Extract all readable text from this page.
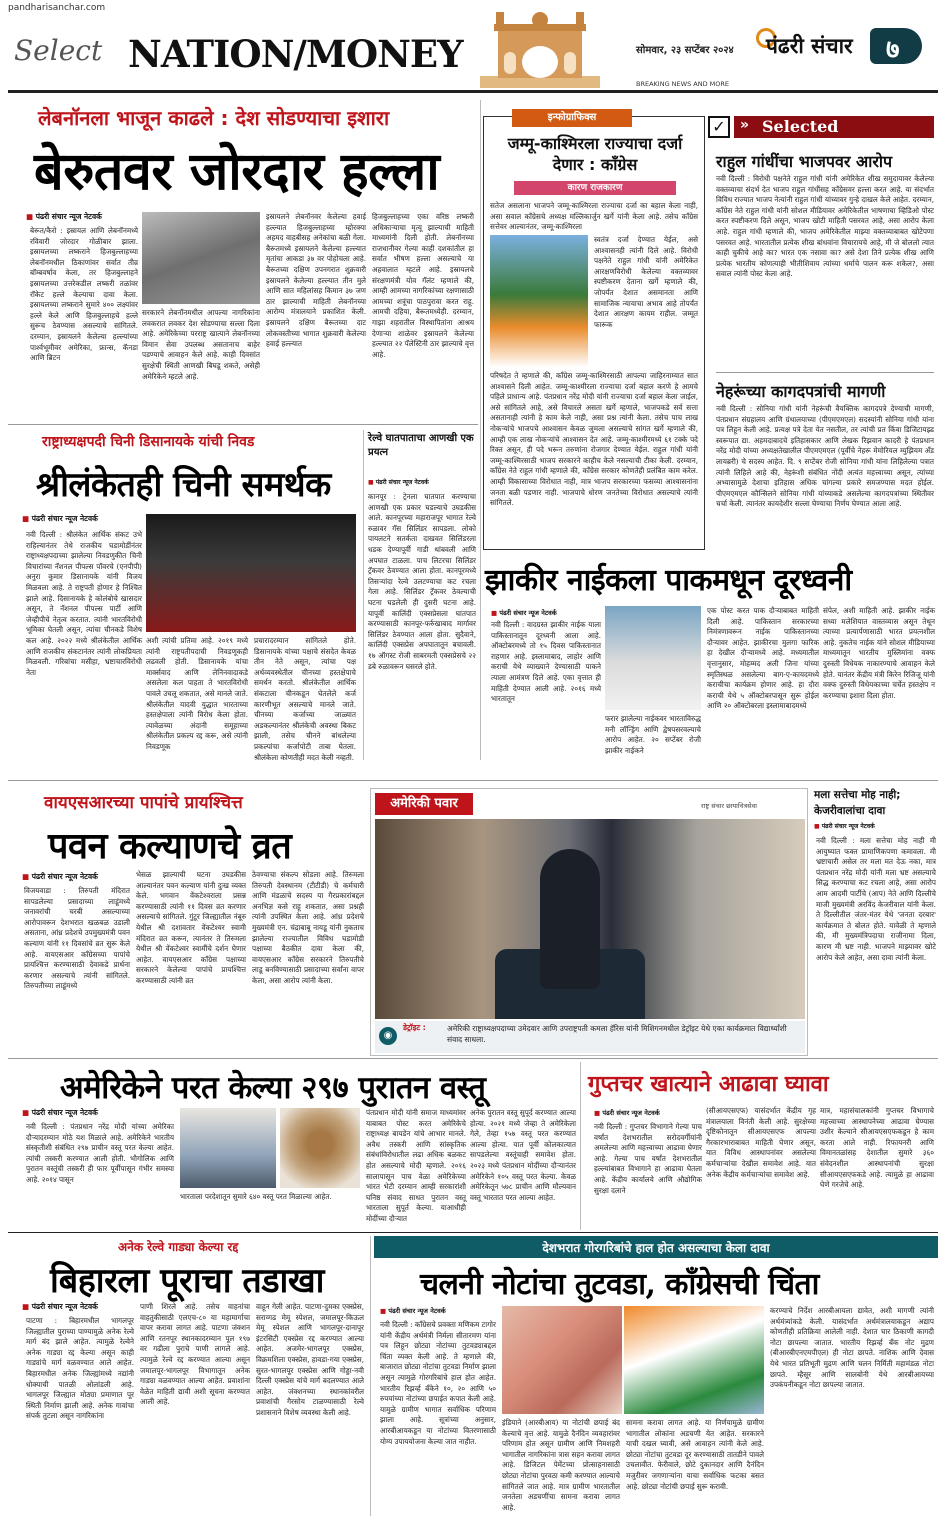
pandharisanchar.com
Select NATION/MONEY	सोमवार, २३ सप्टेंबर २०२४
BREAKING NEWS AND MORE
पंढरी संचार ७
लेबनॉनला भाजून काढले : देश सोडण्याचा इशारा
बेरुतवर जोरदार हल्ला
■ पंढरी संचार न्यूज नेटवर्क
बेरूत/कैरो : इस्रायल आणि लेबनॉनमध्ये रविवारी जोरदार गोळीबार झाला. इस्रायलच्या लष्कराने हिजबुल्लाहच्या लेबनॉनमधील ठिकाणांवर सर्वात तीव्र बॉम्बवर्षाव केला, तर हिजबुल्लाहने इस्रायलच्या उत्तरेकडील लष्करी तळांवर रॉकेट हल्ले केल्याचा दावा केला. इस्रायलच्या लष्कराने सुमारे ४०० लक्ष्यांवर हल्ले केले आणि हिजबुल्लाहचे हल्ले सुरूच ठेवण्यास असल्याचे सांगितले. दरम्यान, इस्रायलने केलेल्या हल्ल्यांच्या पार्श्वभूमीवर अमेरिका, फ्रान्स, कॅनडा आणि ब्रिटन
सरकारने लेबनॉनमधील आपल्या नागरिकांना लवकरात लवकर देश सोडण्याचा सल्ला दिला आहे. अमेरिकेच्या परराष्ट्र खात्याने लेबनॉनच्या विमान सेवा उपलब्ध असतानाच बाहेर पडण्याचे आवाहन केले आहे. काही दिवसांत सुरक्षेची स्थिती आणखी बिघडू शकते, असेही अमेरिकेने म्हटले आहे.
इस्रायलने लेबनॉनवर केलेल्या हवाई हल्ल्यात हिजबुल्लाहच्या म्होरक्या अहमद वाहबीसह अनेकांचा बळी गेला. बैरूतमध्ये इस्रायलने केलेल्या हल्ल्यात मृतांचा आकडा ३७ वर पोहोचला आहे. बैरूतच्या दक्षिण उपनगरात शुक्रवारी इस्रायलने केलेल्या हल्ल्यात तीन मुले आणि सात महिलांसह किमान ३७ जण ठार झाल्याची माहिती लेबनॉनच्या आरोग्य मंत्रालयाने प्रकाशित केली. इस्रायलने दक्षिण बैरूतच्या दाट लोकवस्तीच्या भागात शुक्रवारी केलेल्या हवाई हल्ल्यात
हिजबुल्लाहच्या एका वरिष्ठ लष्करी अधिकाऱ्याचा मृत्यू झाल्याची माहिती माध्यमांनी दिली होती. लेबनॉनच्या राजधानीवर गेल्या काही दशकांतील हा सर्वात भीषण हल्ला असल्याचे या अहवालात म्हटले आहे. इस्रायलचे संरक्षणमंत्री योव गॅलंट म्हणाले की, आम्ही आमच्या नागरिकांच्या रक्षणासाठी आमच्या शत्रूंचा पाठपुरावा करत राहू. आमची दहिया, बैरूतमध्येही. दरम्यान, गाझा शहरातील विस्थापितांना आश्रय देणाऱ्या शाळेवर इस्रायलने केलेल्या हल्ल्यात २२ पॅलेस्टिनी ठार झाल्याचे वृत्त आहे.
इन्फोग्राफिक्स
जम्मू-काश्मिरला राज्याचा दर्जा देणार : काँग्रेस
कारण राजकारण
सतेज असलाना भाजपने जम्मू-काश्मिरला राज्याचा दर्जा का बहाल केला नाही, असा सवाल काँग्रेसचे अध्यक्ष मल्लिकार्जुन खर्गे यांनी केला आहे. तसेच काँग्रेस सत्तेवर आल्यानंतर, जम्मू-काश्मिरला
स्वतंत्र दर्जा देण्यात येईल, असे आश्वासनही त्यांनी दिले आहे. विरोधी पक्षनेते राहुल गांधी यांनी अमेरिकेत आरक्षणविरोधी केलेल्या वक्तव्यावर स्पष्टीकरण देताना खर्गे म्हणाले की, जोपर्यंत देशात असमानता आणि सामाजिक न्यायाचा अभाव आहे तोपर्यंत देशात आरक्षण कायम राहील. जम्मूत फारूक
परिषदेत ते म्हणाले की, काँग्रेस जम्मू-काश्मिरसाठी आपल्या जाहिरनाम्यात सात आश्वासने दिली आहेत. जम्मू-काश्मीरला राज्याचा दर्जा बहाल करणे हे आमचे पहिले प्राधान्य आहे. पंतप्रधान नरेंद्र मोदी यांनी राज्याचा दर्जा बहाल केला जाईल, असे सांगितले आहे, असे विचारले असता खर्गे म्हणाले, भाजपकडे सर्व सत्ता असतानाही त्यांनी हे काम केले नाही, असा प्रश्न त्यांनी केला. तसेच पाच लाख नोकऱ्यांचे भाजपचे आश्वासन केवळ जुमला असल्याचे सांगत खर्गे म्हणाले की, आम्ही एक लाख नोकऱ्यांचे आश्वासन देत आहे. जम्मू-काश्मीरमध्ये ६१ टक्के पदे रिक्त असून, ही पदे भरून तरुणांना रोजगार देण्यात येईल. राहुल गांधी यांनी जम्मू-काश्मिरसाठी भाजप सरकारने काहीच केले नसल्याची टीका केली. दरम्यान, काँग्रेस नेते राहुल गांधी म्हणाले की, काँग्रेस सरकार कोणतेही प्रलंबित काम करेल. आम्ही विकासाच्या विरोधात नाही, मात्र भाजप सरकारच्या फसव्या आश्वासनांना जनता बळी पडणार नाही. भाजपाचे धोरण जनतेच्या विरोधात असल्याचे त्यांनी सांगितले.
✓	» Selected
राहुल गांधींचा भाजपवर आरोप
नवी दिल्ली : विरोधी पक्षनेते राहुल गांधी यांनी अमेरिकेत शीख समुदायावर केलेल्या वक्तव्याचा संदर्भ देत भाजप राहुल गांधींसह काँग्रेसवर हल्ला करत आहे. या संदर्भात विविध राज्यात भाजप नेत्यांनी राहुल गांधी यांच्यावर गुन्हे दाखल केले आहेत. दरम्यान, काँग्रेस नेते राहुल गांधी यांनी सोशल मीडियावर अमेरिकेतील भाषणाचा व्हिडिओ पोस्ट करत स्पष्टीकरण दिले असून, भाजप खोटी माहिती पसरवत आहे, असा आरोप केला आहे. राहुल गांधी म्हणाले की, भाजप अमेरिकेतील माझ्या वक्तव्याबाबत खोटेपणा पसरवत आहे. भारतातील प्रत्येक शीख बांधवांना विचारायचे आहे, मी जे बोललो त्यात काही चुकीचे आहे का? भारत एक नसावा का? असे देशा तिने प्रत्येक शीख आणि प्रत्येक भारतीय कोणत्याही भीतीशिवाय त्यांच्या धर्माचे पालन करू शकेल?, असा सवाल त्यांनी पोस्ट केला आहे.
नेहरूंच्या कागदपत्रांची मागणी
नवी दिल्ली : सोनिया गांधी यांनी नेहरूंची वैयक्तिक कागदपत्रे देण्याची मागणी, पंतप्रधान संग्रहालय आणि ग्रंथालयाच्या (पीएमएमएल) सदस्यांनी सोनिया गांधी यांना पत्र लिहून केली आहे. प्रत्यक्ष पत्रे देता येत नसतील, तर त्यांची प्रत किंवा डिजिटायझ्ड स्वरूपात द्या. अहमदाबादचे इतिहासकार आणि लेखक रिझवान कादरी हे पंतप्रधान नरेंद्र मोदी यांच्या अध्यक्षतेखालील पीएमएमएल (पूर्वीचे नेहरू मेमोरियल म्युझियम अँड लायब्ररी) चे सदस्य आहेत. दि. ९ सप्टेंबर रोजी सोनिया गांधी यांना लिहिलेल्या पत्रात त्यांनी लिहिले आहे की, नेहरूंशी संबंधित नोंदी अत्यंत महत्त्वाच्या असून, त्यांच्या अभ्यासामुळे देशाचा इतिहास अधिक चांगल्या प्रकारे समजण्यास मदत होईल. पीएमएमएल कौन्सिलने सोनिया गांधी यांच्याकडे असलेल्या कागदपत्रांच्या स्थितीवर चर्चा केली. त्यानंतर कायदेशीर सल्ला घेण्याचा निर्णय घेण्यात आला आहे.
राष्ट्राध्यक्षपदी चिनी डिसानायके यांची निवड
श्रीलंकेतही चिनी समर्थक
■ पंढरी संचार न्यूज नेटवर्क
नवी दिल्ली : श्रीलंकेत आर्थिक संकट उभे राहिल्यानंतर तेथे राजकीय घडामोडींनंतर राष्ट्राध्यक्षपदाच्या झालेल्या निवडणुकीत चिनी विचारांच्या नॅशनल पीपल्स पॉवरचे (एनपीपी) अनुरा कुमार डिसानायके यांनी विजय मिळवला आहे. ते राष्ट्रपती होणार हे निश्चित झाले आहे. दिसानायके हे कोलंबोचे खासदार असून, ते नॅशनल पीपल्स पार्टी आणि जेव्हीपीचे नेतृत्व करतात. त्यांनी भारतविरोधी भूमिका घेतली असून, त्यांचा चीनकडे विशेष कल आहे. २०२२ मध्ये श्रीलंकेतील आर्थिक आणि राजकीय संकटानंतर त्यांनी लोकप्रियता मिळवली. गरिबांचा मसीहा, भ्रष्टाचारविरोधी नेता
अशी त्यांची प्रतिमा आहे. २०१९ मध्ये त्यांनी राष्ट्रपतीपदाची निवडणूकही लढवली होती. डिसानायके यांचा मार्क्सवाद आणि लेनिनवादाकडे असलेला कल पाहता ते भारतविरोधी पावले उचलू शकतात, असे मानले जाते. श्रीलंकेतील यादवी युद्धात भारताच्या हस्तक्षेपाला त्यांनी विरोध केला होता. त्यावेळच्या अंदानी समूहाच्या श्रीलंकेतील प्रकल्प रद्द करू, असे त्यांनी निवडणूक
प्रचारादरम्यान सांगितले होते. डिसानायके यांच्या पक्षाचे संसदेत केवळ तीन नेते असून, त्यांचा पक्ष अर्थव्यवस्थेतील चीनच्या हस्तक्षेपाचे समर्थन करतो. श्रीलंकेतील आर्थिक संकटाला चीनकडून घेतलेले कर्ज कारणीभूत असल्याचे मानले जाते. चीनच्या कर्जाच्या जाळ्यात अडकल्यानंतर श्रीलंकेची अवस्था बिकट झाली, तसेच चीनने बांधलेल्या प्रकल्पांचा कर्जापोटी ताबा घेतला. श्रीलंकेला कोणतीही मदत केली नव्हती.
रेल्वे घातपाताचा आणखी एक प्रयत्न
■ पंढरी संचार न्यूज नेटवर्क
कानपूर : ट्रेनला घातपात करण्याचा आणखी एक प्रकार घडल्याचे उघडकीस आले. कानपूरच्या महाराजपूर भागात रेल्वे रुळावर गॅस सिलिंडर सापडला. लोको पायलटने सतर्कता दाखवत सिलिंडरला धडक देण्यापूर्वी गाडी थांबवली आणि अपघात टाळला. पाच लिटरचा सिलिंडर ट्रॅकवर ठेवण्यात आला होता. कानपूरमध्ये तिसऱ्यांदा रेल्वे उलटण्याचा कट रचला गेला आहे. सिलिंडर ट्रॅकवर ठेवल्याची घटना घडलेली ही दुसरी घटना आहे. यापूर्वी कालिंदी एक्सप्रेसला घातपात करण्यासाठी कानपूर-फर्रुखाबाद मार्गावर सिलिंडर ठेवण्यात आला होता. सुदैवाने, कालिंदी एक्सप्रेस अपघातातून बचावली. १७ ऑगस्ट रोजी साबरमती एक्सप्रेसचे २२ डबे रुळावरून घसरले होते.
झाकीर नाईकला पाकमधून दूरध्वनी
■ पंढरी संचार न्यूज नेटवर्क
नवी दिल्ली : वादग्रस्त झाकीर नाईक याला पाकिस्तानातून दूरध्वनी आला आहे. ऑक्टोबरमध्ये तो १५ दिवस पाकिस्तानात राहणार आहे. इस्लामाबाद, लाहोर आणि कराची येथे व्याख्याने देण्यासाठी पाकने त्याला आमंत्रण दिले आहे. एका वृत्तात ही माहिती देण्यात आली आहे. २०१६ मध्ये भारतातून
फरार झालेल्या नाईकवर भारताविरुद्ध मनी लॉन्ड्रिंग आणि द्वेषपसरवल्याचे आरोप आहेत. २० सप्टेंबर रोजी झाकीर नाईकने
एक पोस्ट करत पाक दौऱ्याबाबत माहिती दिली आहे. पाकिस्तान सरकारच्या निमंत्रणावरून नाईक पाकिस्तानच्या दौऱ्यावर आहेत. झाकीरचा मुलगा फारिक हा देखील दौऱ्यामध्ये आहे. मध्यमातील वृत्तानुसार, मोहम्मद अली जिना यांच्या स्मृतिस्थळ असलेल्या बाग-ए-कायदमध्ये कराचीचा कार्यक्रम होणार आहे. हा दौरा कराची येथे ५ ऑक्टोबरपासून सुरू होईल आणि २० ऑक्टोबरला इस्लामाबादमध्ये
संपेल, अशी माहिती आहे. झाकीर नाईक सध्या मलेशियात वास्तव्यास असून तेथून त्याच्या प्रत्यार्पणासाठी भारत प्रयत्नशील आहे. नुकतेच नाईक यांने सोशल मीडियाच्या माध्यमातून भारतीय मुस्लिमांना वक्फ दुरुस्ती विधेयक नाकारण्याचे आवाहन केले होते. यानंतर केंद्रीय मंत्री किरेन रिजिजू यांनी वक्फ दुरुस्ती विधेयकाच्या चर्चेत हस्तक्षेप न करण्याचा इशारा दिला होता.
वायएसआरच्या पापांचे प्रायश्चित्त
पवन कल्याणचे व्रत
■ पंढरी संचार न्यूज नेटवर्क
विजयवाडा : तिरुपती मंदिरात सापडलेल्या प्रसादाच्या लाडूंमध्ये जनावरांची चरबी असल्याच्या आरोपावरून देशभरात खळबळ उडाली असताना, आंध्र प्रदेशचे उपमुख्यमंत्री पवन कल्याण यांनी ११ दिवसांचे व्रत सुरू केले आहे. वायएसआर काँग्रेसच्या पापांचे प्रायश्चित्त करण्यासाठी देवाकडे प्रार्थना करणार असल्याचे त्यांनी सांगितले. तिरुपतीच्या लाडूंमध्ये
भेसळ झाल्याची घटना उघडकीस आल्यानंतर पवन कल्याण यांनी दुःख व्यक्त केले. भगवान वेंकटेश्वराला प्रसन्न करण्यासाठी त्यांनी ११ दिवस व्रत करणार असल्याचे सांगितले. गुंटूर जिल्ह्यातील नंबूरु येथील श्री दशावतार वेंकटेश्वर स्वामी मंदिरात व्रत करून, त्यानंतर ते तिरुमला येथील श्री वेंकटेश्वर स्वामींचे दर्शन घेणार आहेत. वायएसआर काँग्रेस पक्षाच्या सरकारने केलेल्या पापांचे प्रायश्चित्त करण्यासाठी त्यांनी व्रत
ठेवण्याचा संकल्प सोडला आहे. तिरुमला तिरुपती देवस्थानम (टीटीडी) चे कर्मचारी आणि मंडळाचे सदस्य या गैरप्रकारांबद्दल अनभिज्ञ कसे राहू शकतात, असा प्रश्नही त्यांनी उपस्थित केला आहे. आंध्र प्रदेशचे मुख्यमंत्री एन. चंद्राबाबू नायडू यांनी नुकताच झालेल्या राज्यातील विविध घडामोडी पक्षाच्या बैठकीत दावा केला की, वायएसआर काँग्रेस सरकारने तिरुपतीचे लाडू बनविण्यासाठी प्रसादाच्या सर्वांना वापर केला, असा आरोप त्यांनी केला.
अमेरिकी पवार	राष्ट्र संचार छायाचित्रसेवा
◉
डेट्रॉइट :	अमेरिकी राष्ट्राध्यक्षपदाच्या उमेदवार आणि उपराष्ट्रपती कमला हॅरिस यांनी मिशिगनमधील डेट्रॉइट येथे एका कार्यक्रमात विद्यार्थ्यांशी संवाद साधला.
मला सत्तेचा मोह नाही;
केजरीवालांचा दावा
■ पंढरी संचार न्यूज नेटवर्क
नवी दिल्ली : मला सत्तेचा मोह नाही मी आयुष्यात फक्त प्रामाणिकपणा कमावला. मी भ्रष्टाचारी असेल तर मला मत देऊ नका, मात्र पंतप्रधान नरेंद्र मोदी यांनी मला भ्रष्ट असल्याचे सिद्ध करण्याचा कट रचला आहे, असा आरोप आम आदमी पार्टीचे (आप) नेते आणि दिल्लीचे माजी मुख्यमंत्री अरविंद केजरीवाल यांनी केला. ते दिल्लीतील जंतर-मंतर येथे 'जनता दरबार' कार्यक्रमात ते बोलत होते. यावेळी ते म्हणाले की, मी मुख्यमंत्रिपदाचा राजीनामा दिला, कारण मी भ्रष्ट नाही. भाजपने माझ्यावर खोटे आरोप केले आहेत, असा दावा त्यांनी केला.
अमेरिकेने परत केल्या २९७ पुरातन वस्तू
■ पंढरी संचार न्यूज नेटवर्क
नवी दिल्ली : पंतप्रधान नरेंद्र मोदी यांच्या अमेरिका दौऱ्यादरम्यान मोठे यश मिळाले आहे. अमेरिकेने भारतीय संस्कृतीशी संबंधित २९७ प्राचीन वस्तू परत केल्या आहेत. त्यांची तस्करी करण्यात आली होती. भौगोलिक आणि पुरातन वस्तूंची तस्करी ही फार पूर्वीपासून गंभीर समस्या आहे. २०१४ पासून
भारताला परदेशातून सुमारे ६४० वस्तू परत मिळाल्या आहेत.
पंतप्रधान मोदी यांनी समाज माध्यमांवर याबाबत पोस्ट करत अमेरिकेचे राष्ट्राध्यक्ष बायडेन यांचे आभार मानले. अवैध तस्करी आणि सांस्कृतिक संबंधांविरोधातील लढा अधिक बळकट होत असल्याचे मोदी म्हणाले. २०१६ सालापासून पाच वेळा अमेरिकेच्या भारत भेटी दरम्यान आम्ही सरकारांशी घनिष्ठ संवाद साधत पुरातन वस्तू भारताला सुपूर्त केल्या. याआधीही मोदींच्या दौऱ्यात
अनेक पुरातन वस्तू सुपूर्द करण्यात आल्या होत्या. २०२१ मध्ये जेव्हा ते अमेरिकेला गेले, तेव्हा १५७ वस्तू परत करण्यात आल्या होत्या. यात पूर्वी कोलकात्यात सापडलेल्या वस्तूंचाही समावेश होता. २०२३ मध्ये पंतप्रधान मोदींच्या दौऱ्यानंतर अमेरिकेने १०५ वस्तू परत केल्या. केवळ अमेरिकेतून ५७८ प्राचीन आणि मौल्यवान वस्तू भारतात परत आल्या आहेत.
गुप्तचर खात्याने आढावा घ्यावा
■ पंढरी संचार न्यूज नेटवर्क
नवी दिल्ली : गुप्तचर विभागाने गेल्या पाच वर्षांत देशभरातील सरोदवर्गीयांनी अमलेल्या आणि महत्त्वाच्या आढावा घेणार आहे. गेल्या पाच वर्षांत देशभरातील हल्ल्यांबाबत विभागाने हा आढावा घेतला आहे. केंद्रीय कार्यालये आणि औद्योगिक सुरक्षा दलाने
(सीआयएसएफ) यासंदर्भात केंद्रीय गृह मंत्रालयाला विनंती केली आहे. सुरक्षेच्या दृष्टिकोनातून सीआयएसएफ आपल्या गैरकारभाराबाबत माहिती घेणार असून, यात विविध आस्थापनांवर असलेल्या कर्मचाऱ्यांचा देखील समावेश आहे. यात अनेक केंद्रीय कर्मचाऱ्यांचा समावेश आहे.
मात्र, महासंचालकांनी गुप्तचर विभागाचे महत्त्वाच्या आस्थापनेच्या आढावा घेण्यास उशीर केल्याने सीआयएसएफकडून हे काम करता आले नाही. रिफायनरी आणि विमानतळांसह देशातील सुमारे ३६० संवेदनशील आस्थापनांची सुरक्षा सीआयएसएफकडे आहे. त्यामुळे हा आढावा घेणे गरजेचे आहे.
अनेक रेल्वे गाड्या केल्या रद्द
बिहारला पूराचा तडाखा
■ पंढरी संचार न्यूज नेटवर्क
पाटणा : बिहारमधील भागलपूर जिल्ह्यातील पुराच्या पाण्यामुळे अनेक रेल्वे मार्ग बंद झाले आहेत. त्यामुळे रेल्वेने अनेक गाड्या रद्द केल्या असून काही गाड्यांचे मार्ग वळवण्यात आले आहेत. बिहारमधील अनेक जिल्ह्यांमध्ये नद्यांनी धोक्याची पातळी ओलांडली आहे. भागलपूर जिल्ह्यात मोठ्या प्रमाणात पूर स्थिती निर्माण झाली आहे. अनेक गावांचा संपर्क तुटला असून नागरिकांना
पाणी शिरले आहे. तसेच वाहनांचा वाहतुकीसाठी एलएच-८० या महामार्गाचा वापर करावा लागत आहे. पाटणा जंक्शन आणि रतनपूर स्थानकादरम्यान पूल १९७ वर गढीला पुराचे पाणी लागले आहे. त्यामुळे रेल्वे रद्द करण्यात आल्या असून जमालपूर-भागलपूर विभागातून अनेक गाड्या वळवण्यात आल्या आहेत. प्रवाशांना वेळेत माहिती द्यावी अशी सूचना करण्यात आली आहे.
वाहून गेली आहेत. पाटणा-दुमका एक्स्प्रेस, सराय्गढ मेमू स्पेशल, जमालपूर-किऊल मेमू स्पेशल आणि भागलपूर-दानापूर इंटरसिटी एक्स्प्रेस रद्द करण्यात आल्या आहेत. अजमेर-भागलपूर एक्स्प्रेस, विक्रमशिला एक्स्प्रेस, हावडा-गया एक्स्प्रेस, सुरत-भागलपूर एक्स्प्रेस आणि गोड्डा-नवी दिल्ली एक्स्प्रेस यांचे मार्ग बदलण्यात आले आहेत. जंक्शनच्या स्थानकांवरील प्रवाशांची गैरसोय टाळण्यासाठी रेल्वे प्रशासनाने विशेष व्यवस्था केली आहे.
देशभरात गोरगरिबांचे हाल होत असल्याचा केला दावा
चलनी नोटांचा तुटवडा, काँग्रेसची चिंता
■ पंढरी संचार न्यूज नेटवर्क
नवी दिल्ली : काँग्रेसचे प्रवक्ता मणिकम टागोर यांनी केंद्रीय अर्थमंत्री निर्मला सीतारमण यांना पत्र लिहून छोट्या नोटांच्या तुटवड्याबद्दल चिंता व्यक्त केली आहे. ते म्हणाले की, बाजारात छोट्या नोटांचा तुटवडा निर्माण झाला असून त्यामुळे गोरगरिबांचे हाल होत आहेत. भारतीय रिझर्व्ह बँकेने १०, २० आणि ५० रुपयांच्या नोटांच्या छपाईत कपात केली आहे. यामुळे ग्रामीण भागात सर्वाधिक परिणाम झाला आहे. सूत्रांच्या अनुसार, आरबीआयकडून या नोटांच्या वितरणासाठी योग्य उपाययोजना केल्या जात नाहीत.
इंडियाने (आरबीआय) या नोटांची छपाई बंद केल्याचे वृत्त आहे. यामुळे दैनंदिन व्यवहारांवर परिणाम होत असून ग्रामीण आणि निमशहरी भागातील नागरिकांना त्रास सहन करावा लागत आहे. डिजिटल पेमेंटच्या प्रोत्साहनासाठी छोट्या नोटांचा पुरवठा कमी करण्यात आल्याचे सांगितले जात आहे. मात्र ग्रामीण भारतातील जनतेला अडचणींचा सामना करावा लागत आहे.
सामना करावा लागत आहे. या निर्णयामुळे ग्रामीण भागातील लोकांना अडचणी येत आहेत. सरकारने याची दखल घ्यावी, असे आवाहन त्यांनी केले आहे. छोट्या नोटांचा तुटवडा दूर करण्यासाठी तातडीने पावले उचलावीत. फेरीवाले, छोटे दुकानदार आणि दैनंदिन मजुरीवर जगणाऱ्यांना याचा सर्वाधिक फटका बसत आहे. छोट्या नोटांची छपाई सुरू करावी.
करण्याचे निर्देश आरबीआयला द्यावेत, अशी मागणी त्यांनी अर्थमंत्र्यांकडे केली. यासंदर्भात अर्थमंत्रालयाकडून अद्याप कोणतीही प्रतिक्रिया आलेली नाही. देशात चार ठिकाणी कागदी नोटा छापल्या जातात. भारतीय रिझर्व्ह बँक नोट मुद्रण (बीआरबीएनएमपीएल) ही नोटा छापते. नाशिक आणि देवास येथे भारत प्रतिभूती मुद्रण आणि चलन निर्मिती महामंडळ नोटा छापते. म्हैसूर आणि सालबोनी येथे आरबीआयच्या उपकंपनीकडून नोटा छापल्या जातात.
